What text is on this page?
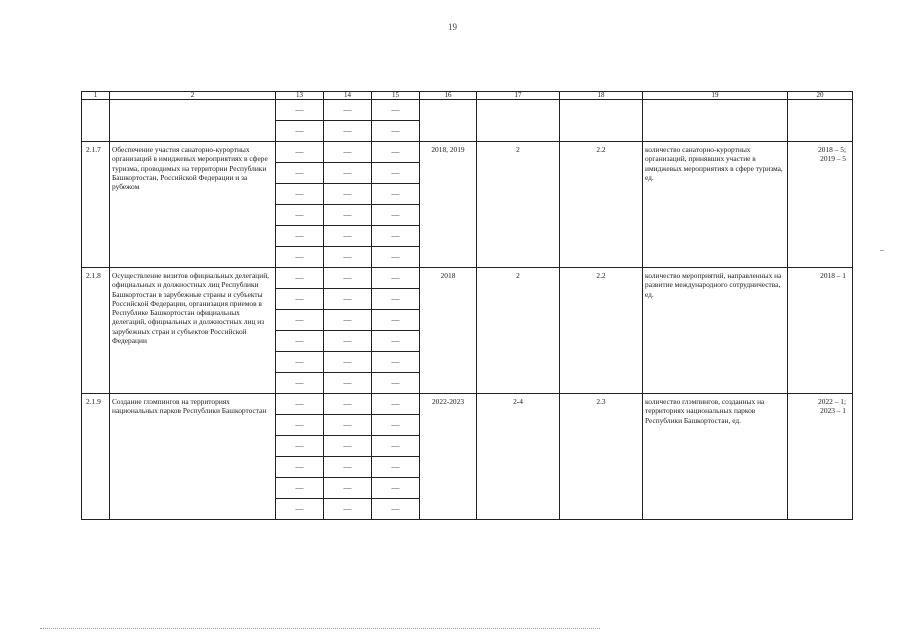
19
1	2	13	14	15	16	17	18	19	20
		—	—	—					
		—	—	—					
2.1.7	Обеспечение участия санаторно-курортных организаций в имиджевых мероприятиях в сфере туризма, проводимых на территории Республики Башкортостан, Российской Федерации и за рубежом	—	—	—	2018, 2019	2	2.2	количество санаторно-курортных организаций, принявших участие в имиджевых мероприятиях в сфере туризма, ед.	2018 – 5;
2019 – 5

		—	—	—					
		—	—	—					
		—	—	—					
		—	—	—					
		—	—	—					
2.1.8	Осуществление визитов официальных делегаций, официальных и должностных лиц Республики Башкортостан в зарубежные страны и субъекты Российской Федерации, организация приемов в Республике Башкортостан официальных делегаций, официальных и должностных лиц из зарубежных стран и субъектов Российской Федерации	—	—	—	2018	2	2.2	количество мероприятий, направленных на развитие международного сотрудничества, ед.	2018 – 1

		—	—	—					
		—	—	—					
		—	—	—					
		—	—	—					
		—	—	—					
2.1.9	Создание глэмпингов на территориях национальных парков Республики Башкортостан	—	—	—	2022-2023	2-4	2.3	количество глэмпингов, созданных на территориях национальных парков Республики Башкортостан, ед.	2022 – 1;
2023 – 1

		—	—	—					
		—	—	—					
		—	—	—					
		—	—	—					
		—	—	—					
